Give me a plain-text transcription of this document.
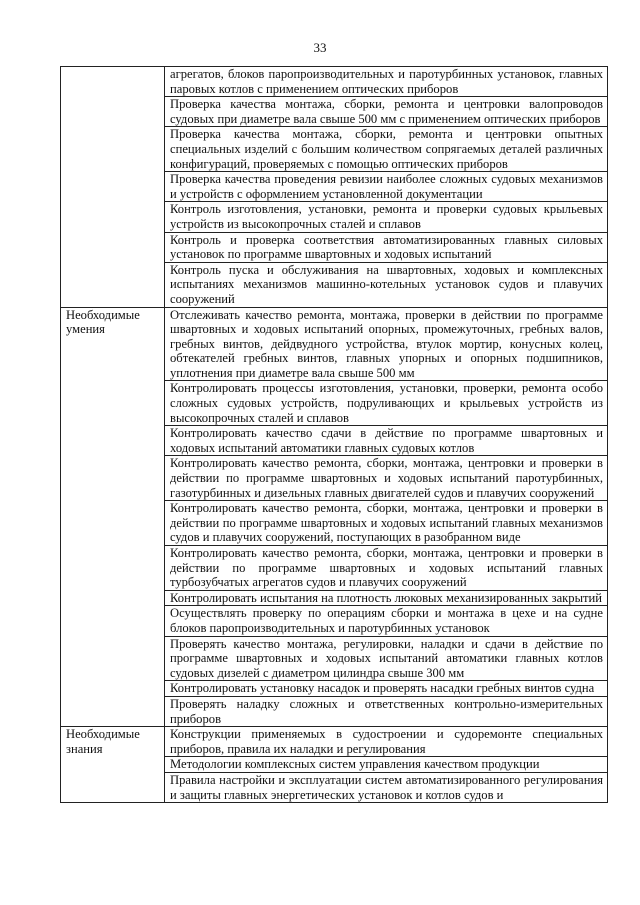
33
	агрегатов, блоков паропроизводительных и паротурбинных установок, главных паровых котлов с применением оптических приборов
	Проверка качества монтажа, сборки, ремонта и центровки валопроводов судовых при диаметре вала свыше 500 мм с применением оптических приборов
	Проверка качества монтажа, сборки, ремонта и центровки опытных специальных изделий с большим количеством сопрягаемых деталей различных конфигураций, проверяемых с помощью оптических приборов
	Проверка качества проведения ревизии наиболее сложных судовых механизмов и устройств с оформлением установленной документации
	Контроль изготовления, установки, ремонта и проверки судовых крыльевых устройств из высокопрочных сталей и сплавов
	Контроль и проверка соответствия автоматизированных главных силовых установок по программе швартовных и ходовых испытаний
	Контроль пуска и обслуживания на швартовных, ходовых и комплексных испытаниях механизмов машинно-котельных установок судов и плавучих сооружений
Необходимые умения	Отслеживать качество ремонта, монтажа, проверки в действии по программе швартовных и ходовых испытаний опорных, промежуточных, гребных валов, гребных винтов, дейдвудного устройства, втулок мортир, конусных колец, обтекателей гребных винтов, главных упорных и опорных подшипников, уплотнения при диаметре вала свыше 500 мм
	Контролировать процессы изготовления, установки, проверки, ремонта особо сложных судовых устройств, подруливающих и крыльевых устройств из высокопрочных сталей и сплавов
	Контролировать качество сдачи в действие по программе швартовных и ходовых испытаний автоматики главных судовых котлов
	Контролировать качество ремонта, сборки, монтажа, центровки и проверки в действии по программе швартовных и ходовых испытаний паротурбинных, газотурбинных и дизельных главных двигателей судов и плавучих сооружений
	Контролировать качество ремонта, сборки, монтажа, центровки и проверки в действии по программе швартовных и ходовых испытаний главных механизмов судов и плавучих сооружений, поступающих в разобранном виде
	Контролировать качество ремонта, сборки, монтажа, центровки и проверки в действии по программе швартовных и ходовых испытаний главных турбозубчатых агрегатов судов и плавучих сооружений
	Контролировать испытания на плотность люковых механизированных закрытий
	Осуществлять проверку по операциям сборки и монтажа в цехе и на судне блоков паропроизводительных и паротурбинных установок
	Проверять качество монтажа, регулировки, наладки и сдачи в действие по программе швартовных и ходовых испытаний автоматики главных котлов судовых дизелей с диаметром цилиндра свыше 300 мм
	Контролировать установку насадок и проверять насадки гребных винтов судна
	Проверять наладку сложных и ответственных контрольно-измерительных приборов
Необходимые знания	Конструкции применяемых в судостроении и судоремонте специальных приборов, правила их наладки и регулирования
	Методологии комплексных систем управления качеством продукции
	Правила настройки и эксплуатации систем автоматизированного регулирования и защиты главных энергетических установок и котлов судов и
